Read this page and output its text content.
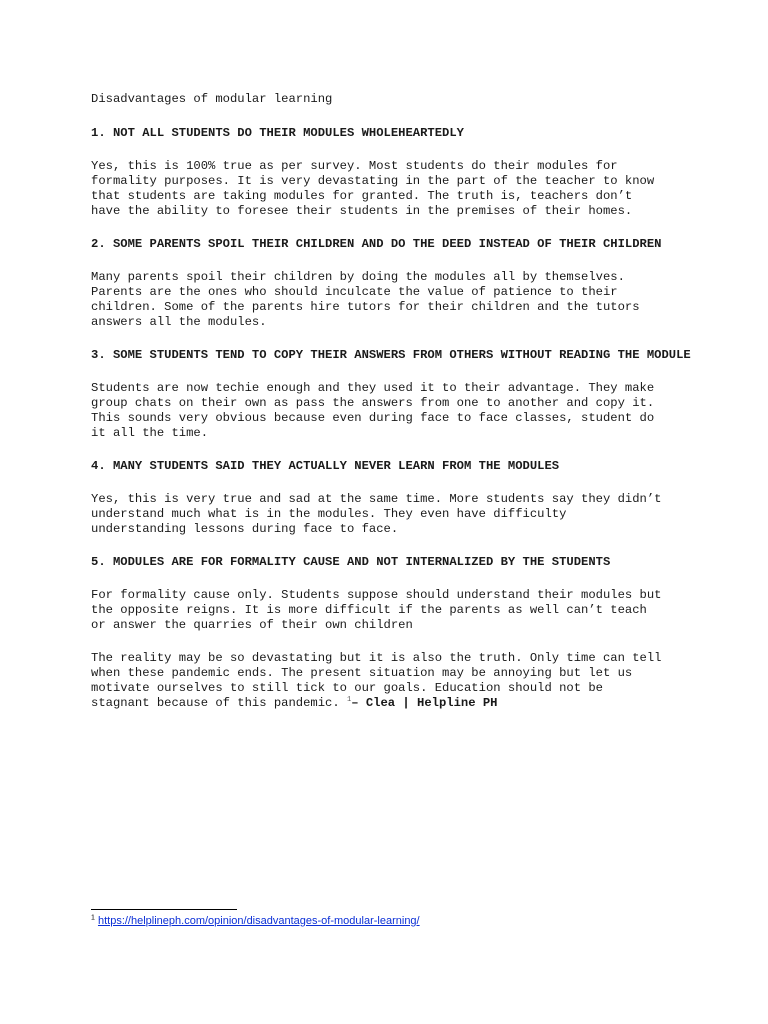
Disadvantages of modular learning
1. NOT ALL STUDENTS DO THEIR MODULES WHOLEHEARTEDLY
Yes, this is 100% true as per survey. Most students do their modules for
formality purposes. It is very devastating in the part of the teacher to know
that students are taking modules for granted. The truth is, teachers don’t
have the ability to foresee their students in the premises of their homes.
2. SOME PARENTS SPOIL THEIR CHILDREN AND DO THE DEED INSTEAD OF THEIR CHILDREN
Many parents spoil their children by doing the modules all by themselves.
Parents are the ones who should inculcate the value of patience to their
children. Some of the parents hire tutors for their children and the tutors
answers all the modules.
3. SOME STUDENTS TEND TO COPY THEIR ANSWERS FROM OTHERS WITHOUT READING THE MODULE
Students are now techie enough and they used it to their advantage. They make
group chats on their own as pass the answers from one to another and copy it.
This sounds very obvious because even during face to face classes, student do
it all the time.
4. MANY STUDENTS SAID THEY ACTUALLY NEVER LEARN FROM THE MODULES
Yes, this is very true and sad at the same time. More students say they didn’t
understand much what is in the modules. They even have difficulty
understanding lessons during face to face.
5. MODULES ARE FOR FORMALITY CAUSE AND NOT INTERNALIZED BY THE STUDENTS
For formality cause only. Students suppose should understand their modules but
the opposite reigns. It is more difficult if the parents as well can’t teach
or answer the quarries of their own children
The reality may be so devastating but it is also the truth. Only time can tell
when these pandemic ends. The present situation may be annoying but let us
motivate ourselves to still tick to our goals. Education should not be
stagnant because of this pandemic. $^1$– Clea | Helpline PH
$^1$ https://helplineph.com/opinion/disadvantages-of-modular-learning/
